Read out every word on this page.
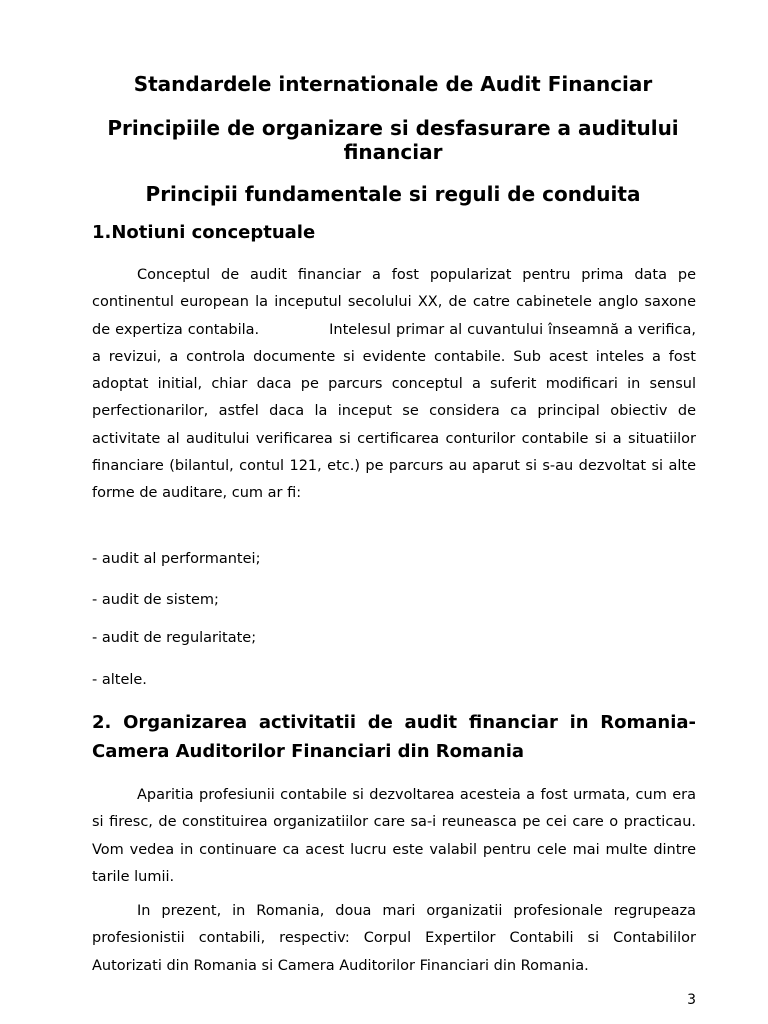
Standardele internationale de Audit Financiar
Principiile de organizare si desfasurare a auditului financiar
Principii fundamentale si reguli de conduita
1.Notiuni conceptuale

Conceptul de audit financiar a fost popularizat pentru prima data pe continentul european la inceputul secolului XX, de catre cabinetele anglo saxone de expertiza contabila.	Intelesul primar al cuvantului înseamnă a verifica, a revizui, a controla documente si evidente contabile. Sub acest inteles a fost adoptat initial, chiar daca pe parcurs conceptul a suferit modificari in sensul perfectionarilor, astfel daca la inceput se considera ca principal obiectiv de activitate al auditului verificarea si certificarea conturilor contabile si a situatiilor financiare (bilantul, contul 121, etc.) pe parcurs au aparut si s-au dezvoltat si alte forme de auditare, cum ar fi:

- audit al performantei;

- audit de sistem;

- audit de regularitate;

- altele.

2. Organizarea activitatii de audit financiar in Romania- Camera Auditorilor Financiari din Romania

Aparitia profesiunii contabile si dezvoltarea acesteia a fost urmata, cum era si firesc, de constituirea organizatiilor care sa-i reuneasca pe cei care o practicau. Vom vedea in continuare ca acest lucru este valabil pentru cele mai multe dintre tarile lumii.

In prezent, in Romania, doua mari organizatii profesionale regrupeaza profesionistii contabili, respectiv: Corpul Expertilor Contabili si Contabililor Autorizati din Romania si Camera Auditorilor Financiari din Romania.

3
